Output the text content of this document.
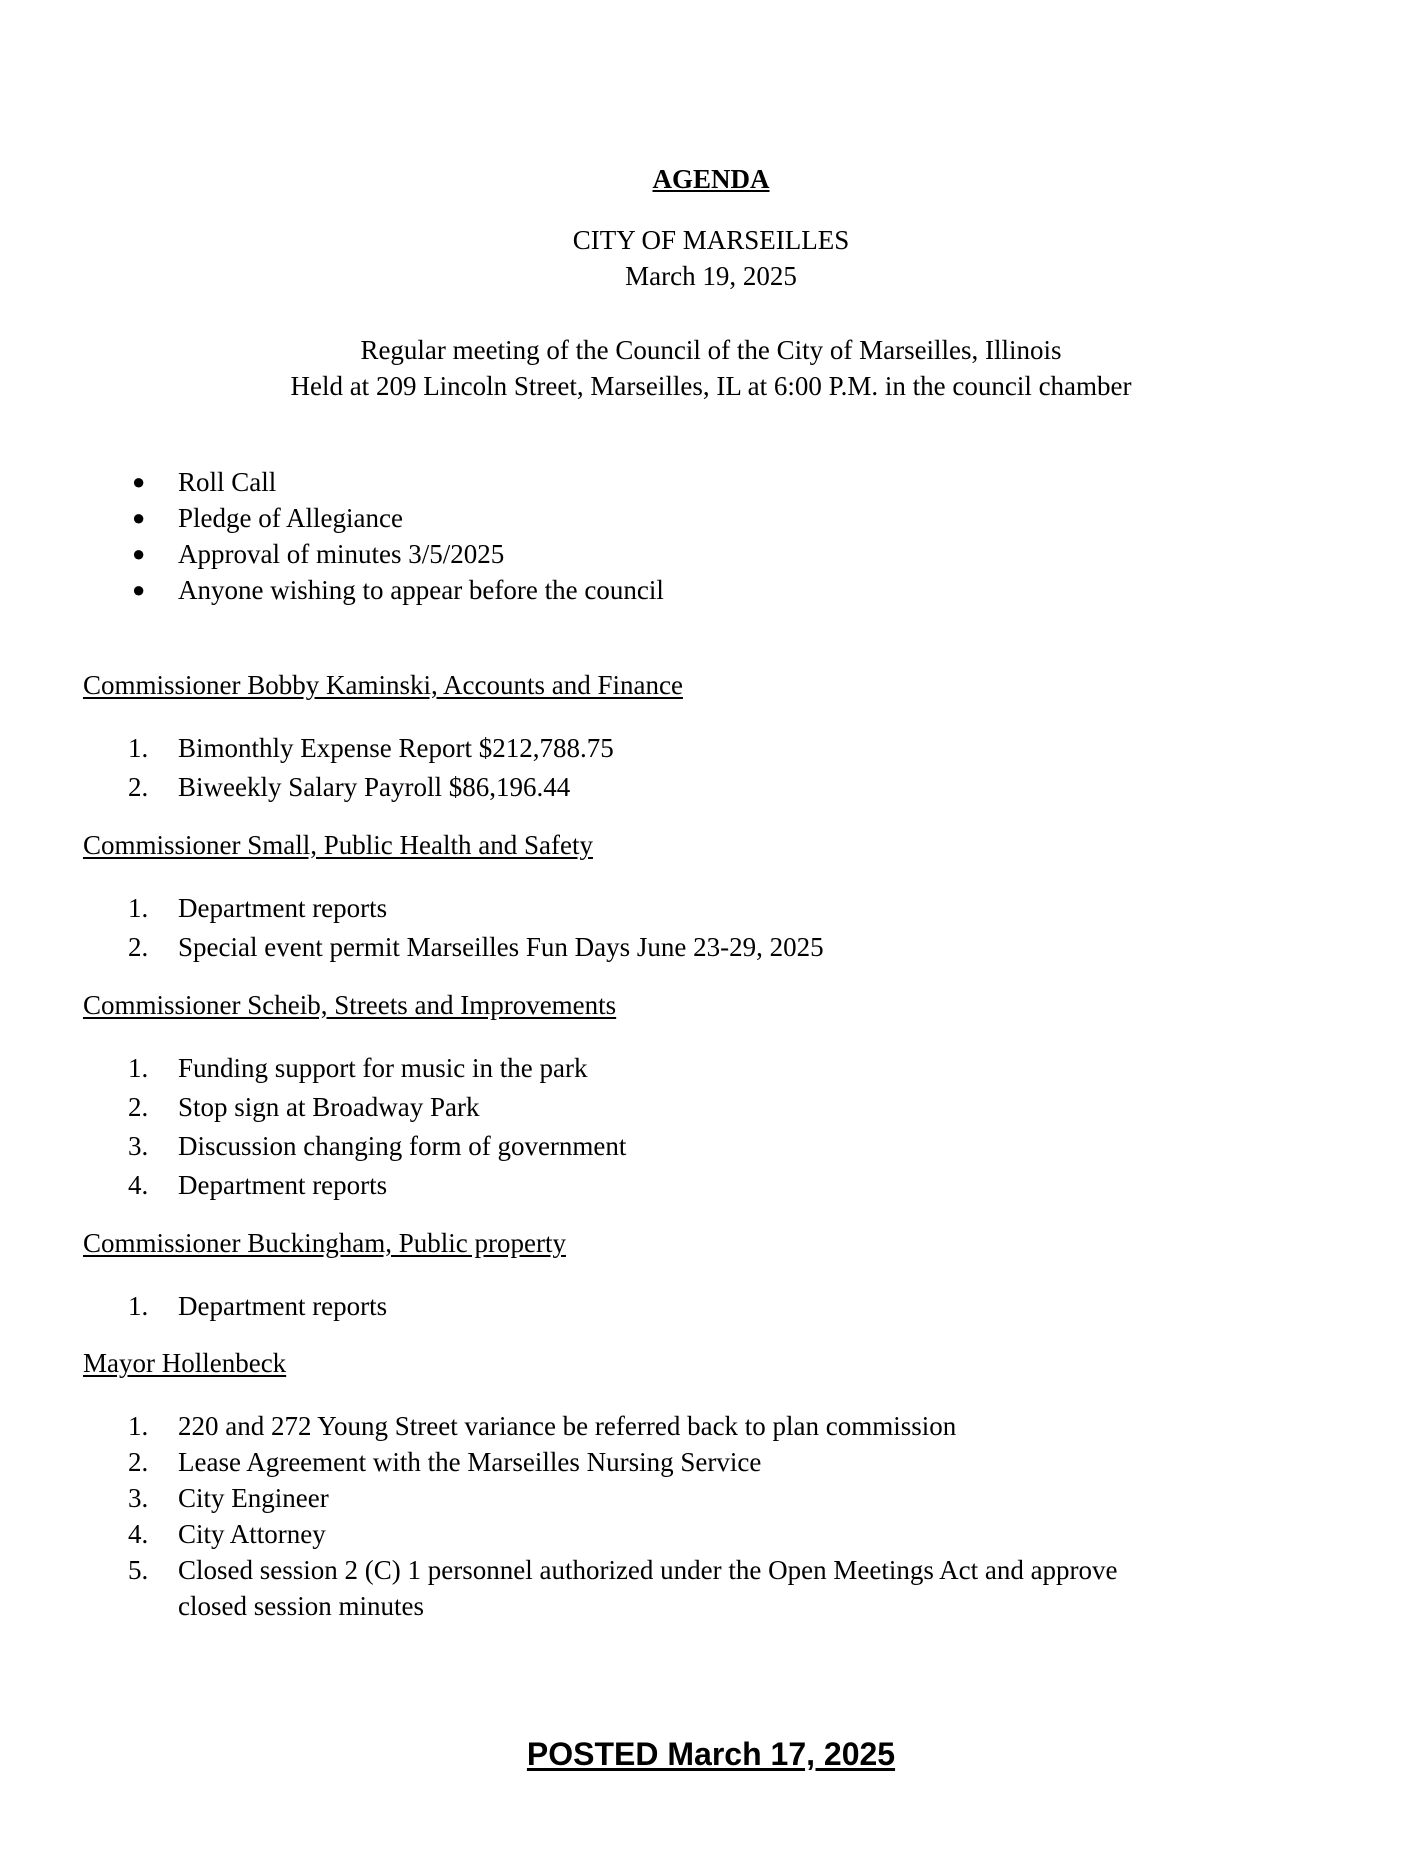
AGENDA
CITY OF MARSEILLES
March 19, 2025
Regular meeting of the Council of the City of Marseilles, Illinois
Held at 209 Lincoln Street, Marseilles, IL at 6:00 P.M. in the council chamber
● Roll Call
● Pledge of Allegiance
● Approval of minutes 3/5/2025
● Anyone wishing to appear before the council
Commissioner Bobby Kaminski, Accounts and Finance
1.	Bimonthly Expense Report $212,788.75
2.	Biweekly Salary Payroll $86,196.44
Commissioner Small, Public Health and Safety
1.	Department reports
2.	Special event permit Marseilles Fun Days June 23-29, 2025
Commissioner Scheib, Streets and Improvements
1.	Funding support for music in the park
2.	Stop sign at Broadway Park
3.	Discussion changing form of government
4.	Department reports
Commissioner Buckingham, Public property
1.	Department reports
Mayor Hollenbeck
1.	220 and 272 Young Street variance be referred back to plan commission
2.	Lease Agreement with the Marseilles Nursing Service
3.	City Engineer
4.	City Attorney
5.	Closed session 2 (C) 1 personnel authorized under the Open Meetings Act and approve
closed session minutes
POSTED March 17, 2025
